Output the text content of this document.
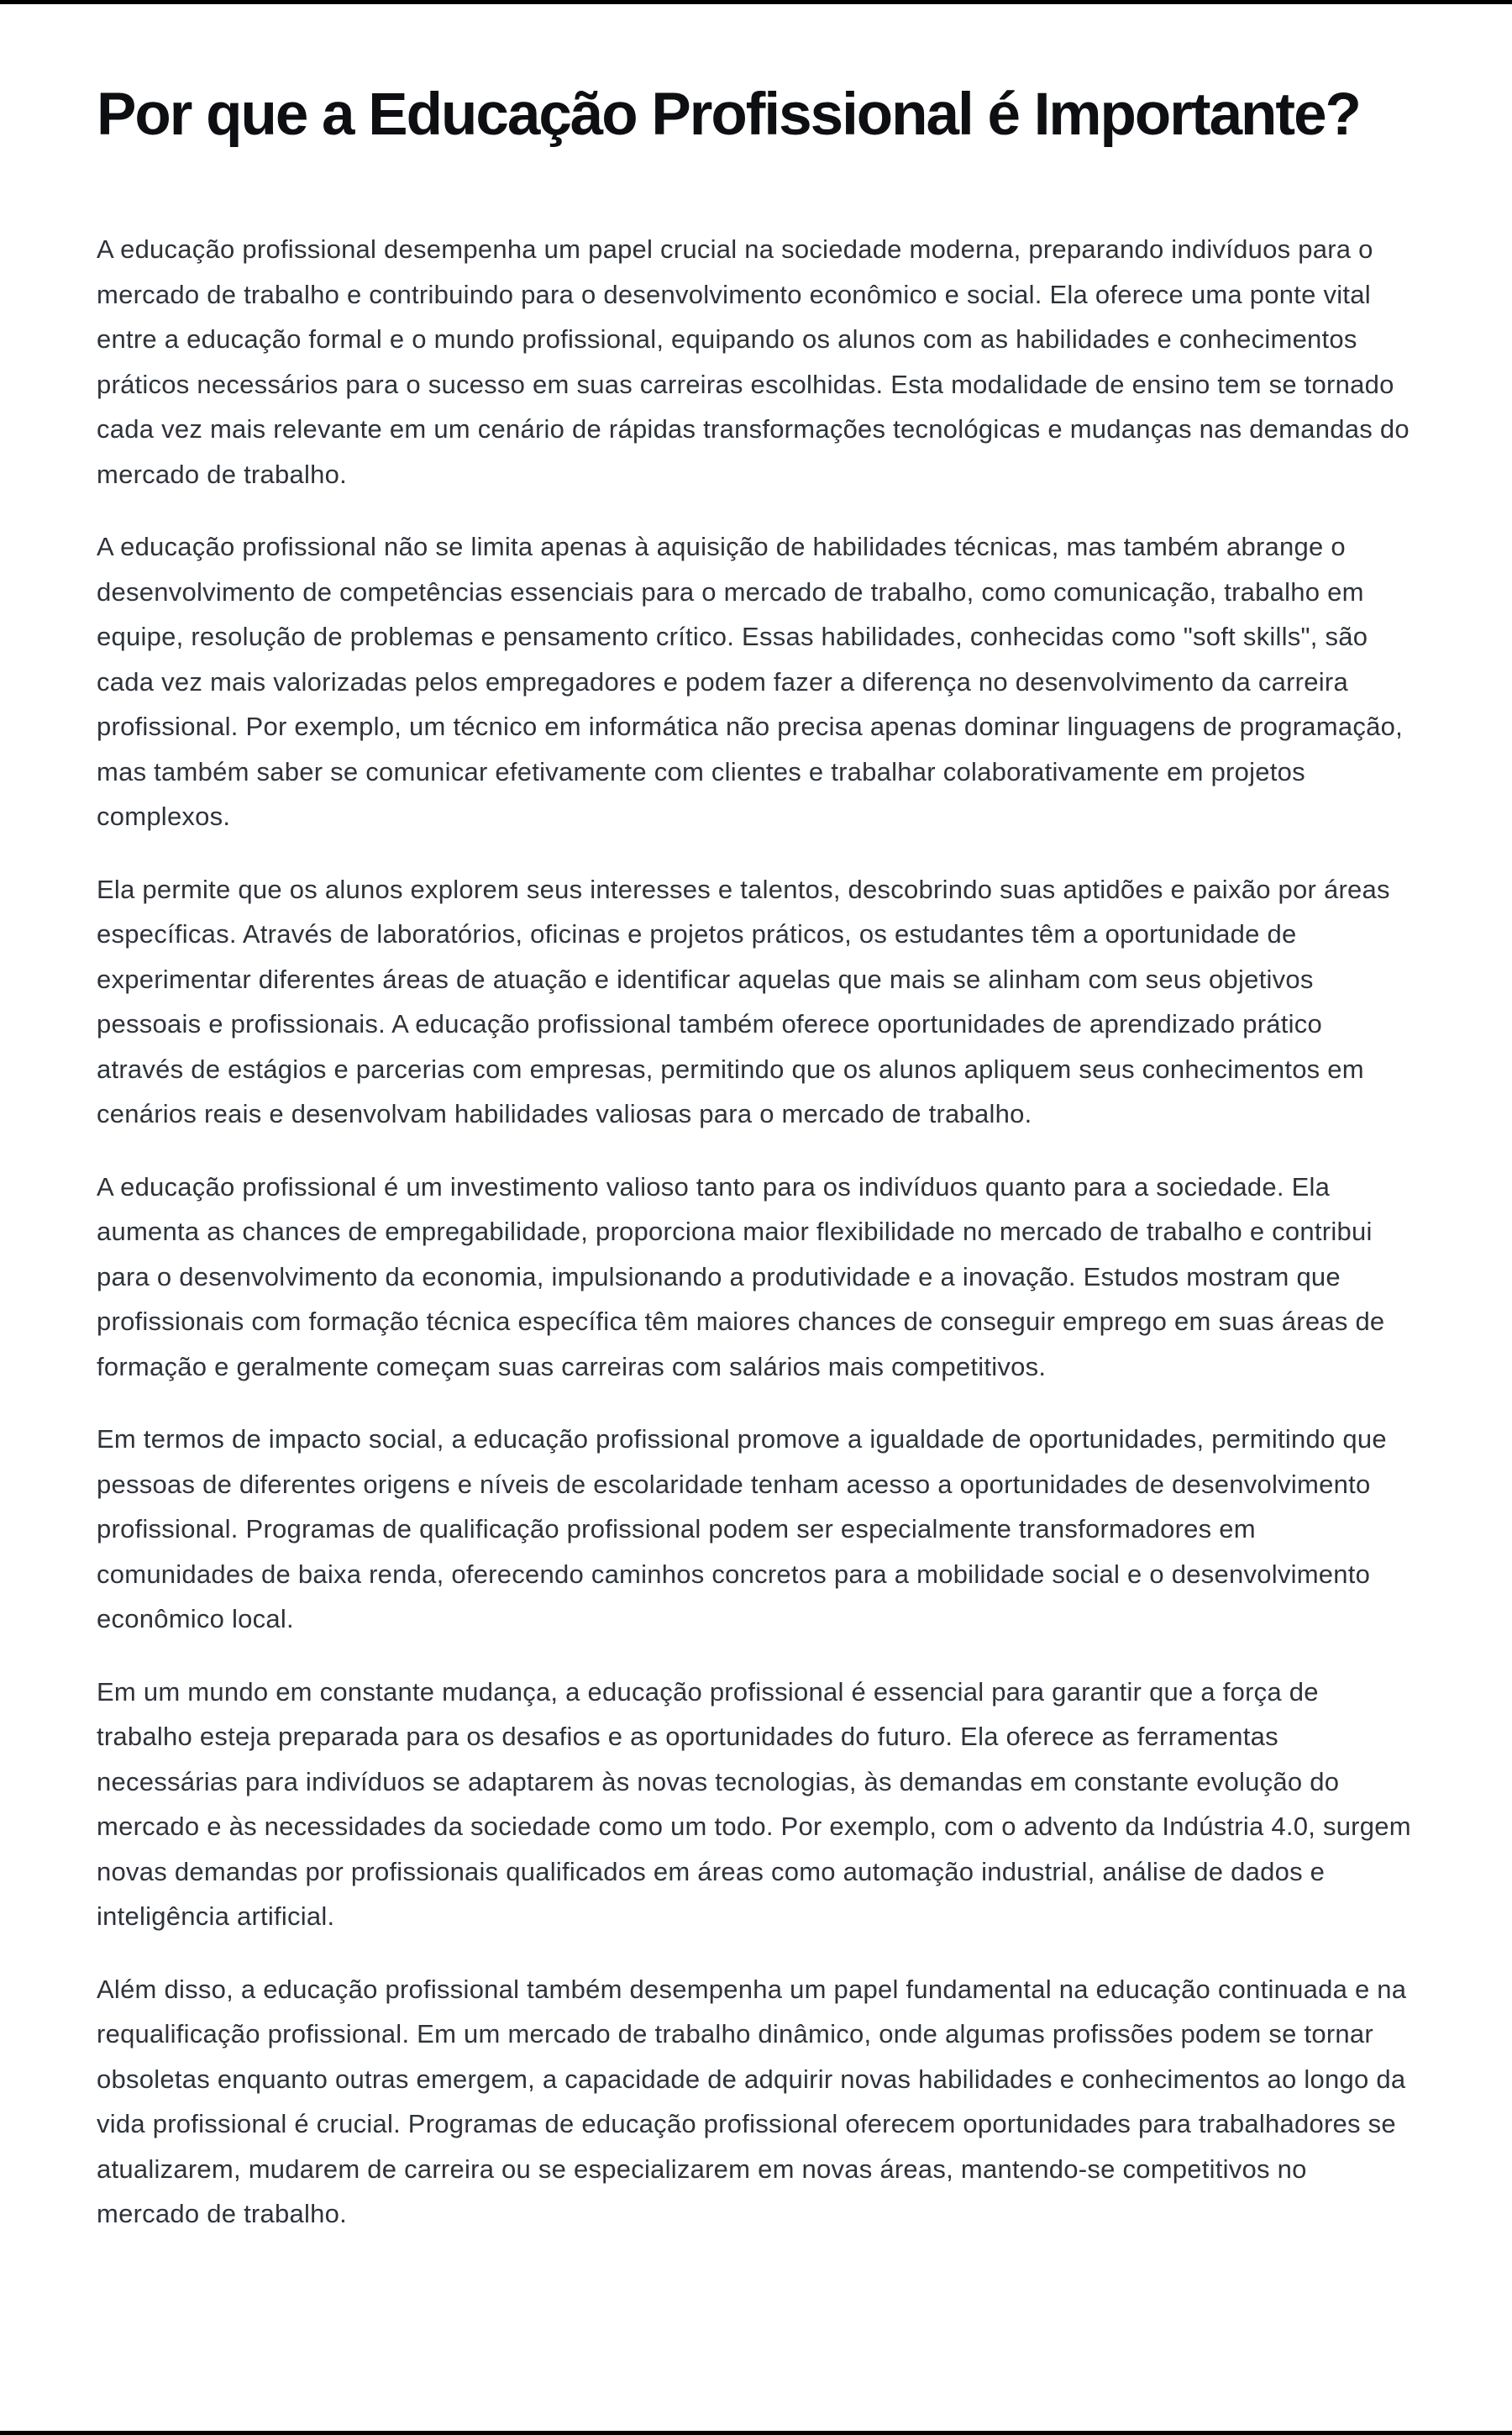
Por que a Educação Profissional é Importante?

A educação profissional desempenha um papel crucial na sociedade moderna, preparando indivíduos para o mercado de trabalho e contribuindo para o desenvolvimento econômico e social. Ela oferece uma ponte vital entre a educação formal e o mundo profissional, equipando os alunos com as habilidades e conhecimentos práticos necessários para o sucesso em suas carreiras escolhidas. Esta modalidade de ensino tem se tornado cada vez mais relevante em um cenário de rápidas transformações tecnológicas e mudanças nas demandas do mercado de trabalho.

A educação profissional não se limita apenas à aquisição de habilidades técnicas, mas também abrange o desenvolvimento de competências essenciais para o mercado de trabalho, como comunicação, trabalho em equipe, resolução de problemas e pensamento crítico. Essas habilidades, conhecidas como "soft skills", são cada vez mais valorizadas pelos empregadores e podem fazer a diferença no desenvolvimento da carreira profissional. Por exemplo, um técnico em informática não precisa apenas dominar linguagens de programação, mas também saber se comunicar efetivamente com clientes e trabalhar colaborativamente em projetos complexos.

Ela permite que os alunos explorem seus interesses e talentos, descobrindo suas aptidões e paixão por áreas específicas. Através de laboratórios, oficinas e projetos práticos, os estudantes têm a oportunidade de experimentar diferentes áreas de atuação e identificar aquelas que mais se alinham com seus objetivos pessoais e profissionais. A educação profissional também oferece oportunidades de aprendizado prático através de estágios e parcerias com empresas, permitindo que os alunos apliquem seus conhecimentos em cenários reais e desenvolvam habilidades valiosas para o mercado de trabalho.

A educação profissional é um investimento valioso tanto para os indivíduos quanto para a sociedade. Ela aumenta as chances de empregabilidade, proporciona maior flexibilidade no mercado de trabalho e contribui para o desenvolvimento da economia, impulsionando a produtividade e a inovação. Estudos mostram que profissionais com formação técnica específica têm maiores chances de conseguir emprego em suas áreas de formação e geralmente começam suas carreiras com salários mais competitivos.

Em termos de impacto social, a educação profissional promove a igualdade de oportunidades, permitindo que pessoas de diferentes origens e níveis de escolaridade tenham acesso a oportunidades de desenvolvimento profissional. Programas de qualificação profissional podem ser especialmente transformadores em comunidades de baixa renda, oferecendo caminhos concretos para a mobilidade social e o desenvolvimento econômico local.

Em um mundo em constante mudança, a educação profissional é essencial para garantir que a força de trabalho esteja preparada para os desafios e as oportunidades do futuro. Ela oferece as ferramentas necessárias para indivíduos se adaptarem às novas tecnologias, às demandas em constante evolução do mercado e às necessidades da sociedade como um todo. Por exemplo, com o advento da Indústria 4.0, surgem novas demandas por profissionais qualificados em áreas como automação industrial, análise de dados e inteligência artificial.

Além disso, a educação profissional também desempenha um papel fundamental na educação continuada e na requalificação profissional. Em um mercado de trabalho dinâmico, onde algumas profissões podem se tornar obsoletas enquanto outras emergem, a capacidade de adquirir novas habilidades e conhecimentos ao longo da vida profissional é crucial. Programas de educação profissional oferecem oportunidades para trabalhadores se atualizarem, mudarem de carreira ou se especializarem em novas áreas, mantendo-se competitivos no mercado de trabalho.
